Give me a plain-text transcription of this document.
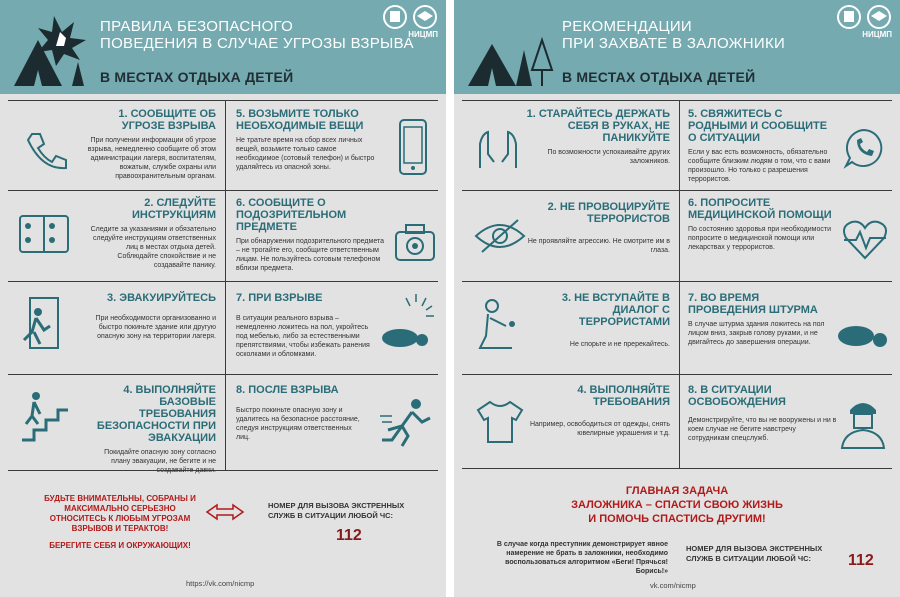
ПРАВИЛА БЕЗОПАСНОГО
ПОВЕДЕНИЯ В СЛУЧАЕ УГРОЗЫ ВЗРЫВА
В МЕСТАХ ОТДЫХА ДЕТЕЙ
НИЦМП
1. СООБЩИТЕ ОБ УГРОЗЕ ВЗРЫВА
При получении информации об угрозе взрыва, немедленно сообщите об этом администрации лагеря, воспитателям, вожатым, службе охраны или правоохранительным органам.
2. СЛЕДУЙТЕ ИНСТРУКЦИЯМ
Следите за указаниями и обязательно следуйте инструкциям ответственных лиц в местах отдыха детей. Соблюдайте спокойствие и не создавайте панику.
3. ЭВАКУИРУЙТЕСЬ
При необходимости организованно и быстро покиньте здание или другую опасную зону на территории лагеря.
4. ВЫПОЛНЯЙТЕ БАЗОВЫЕ ТРЕБОВАНИЯ БЕЗОПАСНОСТИ ПРИ ЭВАКУАЦИИ
Покидайте опасную зону согласно плану эвакуации, не бегите и не создавайте давки.
5. ВОЗЬМИТЕ ТОЛЬКО НЕОБХОДИМЫЕ ВЕЩИ
Не тратьте время на сбор всех личных вещей, возьмите только самое необходимое (сотовый телефон) и быстро удаляйтесь из опасной зоны.
6. СООБЩИТЕ О ПОДОЗРИТЕЛЬНОМ ПРЕДМЕТЕ
При обнаружении подозрительного предмета – не трогайте его, сообщите ответственным лицам. Не пользуйтесь сотовым телефоном вблизи предмета.
7. ПРИ ВЗРЫВЕ
В ситуации реального взрыва – немедленно ложитесь на пол, укройтесь под мебелью, либо за естественными препятствиями, чтобы избежать ранения осколками и обломками.
8. ПОСЛЕ ВЗРЫВА
Быстро покиньте опасную зону и удалитесь на безопасное расстояние, следуя инструкциям ответственных лиц.
БУДЬТЕ ВНИМАТЕЛЬНЫ, СОБРАНЫ И МАКСИМАЛЬНО СЕРЬЕЗНО ОТНОСИТЕСЬ К ЛЮБЫМ УГРОЗАМ ВЗРЫВОВ И ТЕРАКТОВ!
БЕРЕГИТЕ СЕБЯ И ОКРУЖАЮЩИХ!
НОМЕР ДЛЯ ВЫЗОВА ЭКСТРЕННЫХ СЛУЖБ В СИТУАЦИИ ЛЮБОЙ ЧС:
112
https://vk.com/nicmp
РЕКОМЕНДАЦИИ
ПРИ ЗАХВАТЕ В ЗАЛОЖНИКИ
В МЕСТАХ ОТДЫХА ДЕТЕЙ
НИЦМП
1. СТАРАЙТЕСЬ ДЕРЖАТЬ СЕБЯ В РУКАХ, НЕ ПАНИКУЙТЕ
По возможности успокаивайте других заложников.
2. НЕ ПРОВОЦИРУЙТЕ ТЕРРОРИСТОВ
Не проявляйте агрессию. Не смотрите им в глаза.
3. НЕ ВСТУПАЙТЕ В ДИАЛОГ С ТЕРРОРИСТАМИ
Не спорьте и не пререкайтесь.
4. ВЫПОЛНЯЙТЕ ТРЕБОВАНИЯ
Например, освободиться от одежды, снять ювелирные украшения и т.д.
5. СВЯЖИТЕСЬ С РОДНЫМИ И СООБЩИТЕ О СИТУАЦИИ
Если у вас есть возможность, обязательно сообщите близким людям о том, что с вами произошло. Но только с разрешения террористов.
6. ПОПРОСИТЕ МЕДИЦИНСКОЙ ПОМОЩИ
По состоянию здоровья при необходимости попросите о медицинской помощи или лекарствах у террористов.
7. ВО ВРЕМЯ ПРОВЕДЕНИЯ ШТУРМА
В случае штурма здания ложитесь на пол лицом вниз, закрыв голову руками, и не двигайтесь до завершения операции.
8. В СИТУАЦИИ ОСВОБОЖДЕНИЯ
Демонстрируйте, что вы не вооружены и ни в коем случае не бегите навстречу сотрудникам спецслужб.
ГЛАВНАЯ ЗАДАЧА
ЗАЛОЖНИКА – СПАСТИ СВОЮ ЖИЗНЬ
И ПОМОЧЬ СПАСТИСЬ ДРУГИМ!
В случае когда преступник демонстрирует явное намерение не брать в заложники, необходимо воспользоваться алгоритмом «Беги! Прячься! Борись!»
НОМЕР ДЛЯ ВЫЗОВА ЭКСТРЕННЫХ СЛУЖБ В СИТУАЦИИ ЛЮБОЙ ЧС:	112
vk.com/nicmp
